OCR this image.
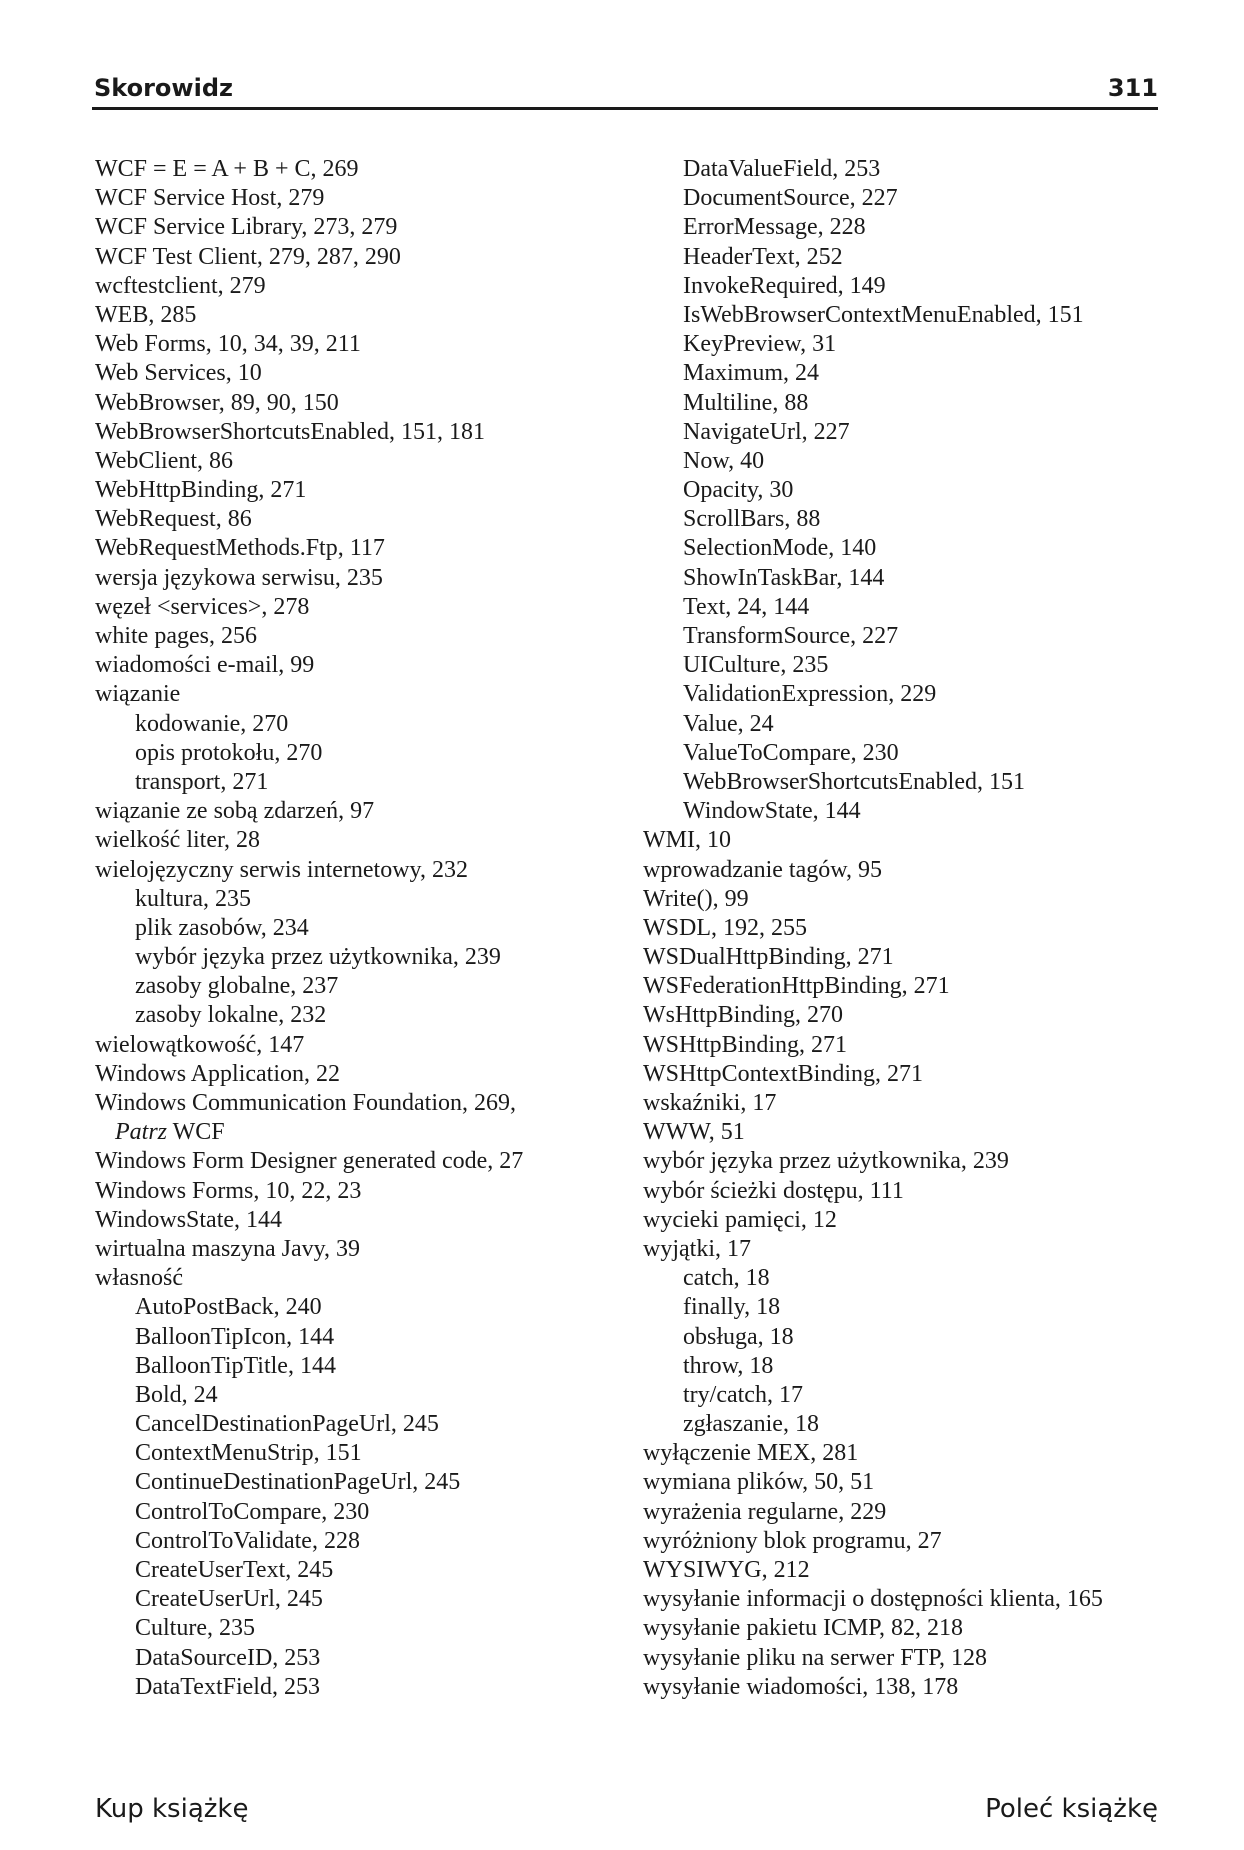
Skorowidz	311
WCF = E = A + B + C, 269
WCF Service Host, 279
WCF Service Library, 273, 279
WCF Test Client, 279, 287, 290
wcftestclient, 279
WEB, 285
Web Forms, 10, 34, 39, 211
Web Services, 10
WebBrowser, 89, 90, 150
WebBrowserShortcutsEnabled, 151, 181
WebClient, 86
WebHttpBinding, 271
WebRequest, 86
WebRequestMethods.Ftp, 117
wersja językowa serwisu, 235
węzeł <services>, 278
white pages, 256
wiadomości e-mail, 99
wiązanie
kodowanie, 270
opis protokołu, 270
transport, 271
wiązanie ze sobą zdarzeń, 97
wielkość liter, 28
wielojęzyczny serwis internetowy, 232
kultura, 235
plik zasobów, 234
wybór języka przez użytkownika, 239
zasoby globalne, 237
zasoby lokalne, 232
wielowątkowość, 147
Windows Application, 22
Windows Communication Foundation, 269,
Patrz WCF
Windows Form Designer generated code, 27
Windows Forms, 10, 22, 23
WindowsState, 144
wirtualna maszyna Javy, 39
własność
AutoPostBack, 240
BalloonTipIcon, 144
BalloonTipTitle, 144
Bold, 24
CancelDestinationPageUrl, 245
ContextMenuStrip, 151
ContinueDestinationPageUrl, 245
ControlToCompare, 230
ControlToValidate, 228
CreateUserText, 245
CreateUserUrl, 245
Culture, 235
DataSourceID, 253
DataTextField, 253
DataValueField, 253
DocumentSource, 227
ErrorMessage, 228
HeaderText, 252
InvokeRequired, 149
IsWebBrowserContextMenuEnabled, 151
KeyPreview, 31
Maximum, 24
Multiline, 88
NavigateUrl, 227
Now, 40
Opacity, 30
ScrollBars, 88
SelectionMode, 140
ShowInTaskBar, 144
Text, 24, 144
TransformSource, 227
UICulture, 235
ValidationExpression, 229
Value, 24
ValueToCompare, 230
WebBrowserShortcutsEnabled, 151
WindowState, 144
WMI, 10
wprowadzanie tagów, 95
Write(), 99
WSDL, 192, 255
WSDualHttpBinding, 271
WSFederationHttpBinding, 271
WsHttpBinding, 270
WSHttpBinding, 271
WSHttpContextBinding, 271
wskaźniki, 17
WWW, 51
wybór języka przez użytkownika, 239
wybór ścieżki dostępu, 111
wycieki pamięci, 12
wyjątki, 17
catch, 18
finally, 18
obsługa, 18
throw, 18
try/catch, 17
zgłaszanie, 18
wyłączenie MEX, 281
wymiana plików, 50, 51
wyrażenia regularne, 229
wyróżniony blok programu, 27
WYSIWYG, 212
wysyłanie informacji o dostępności klienta, 165
wysyłanie pakietu ICMP, 82, 218
wysyłanie pliku na serwer FTP, 128
wysyłanie wiadomości, 138, 178
Kup książkę	Poleć książkę
